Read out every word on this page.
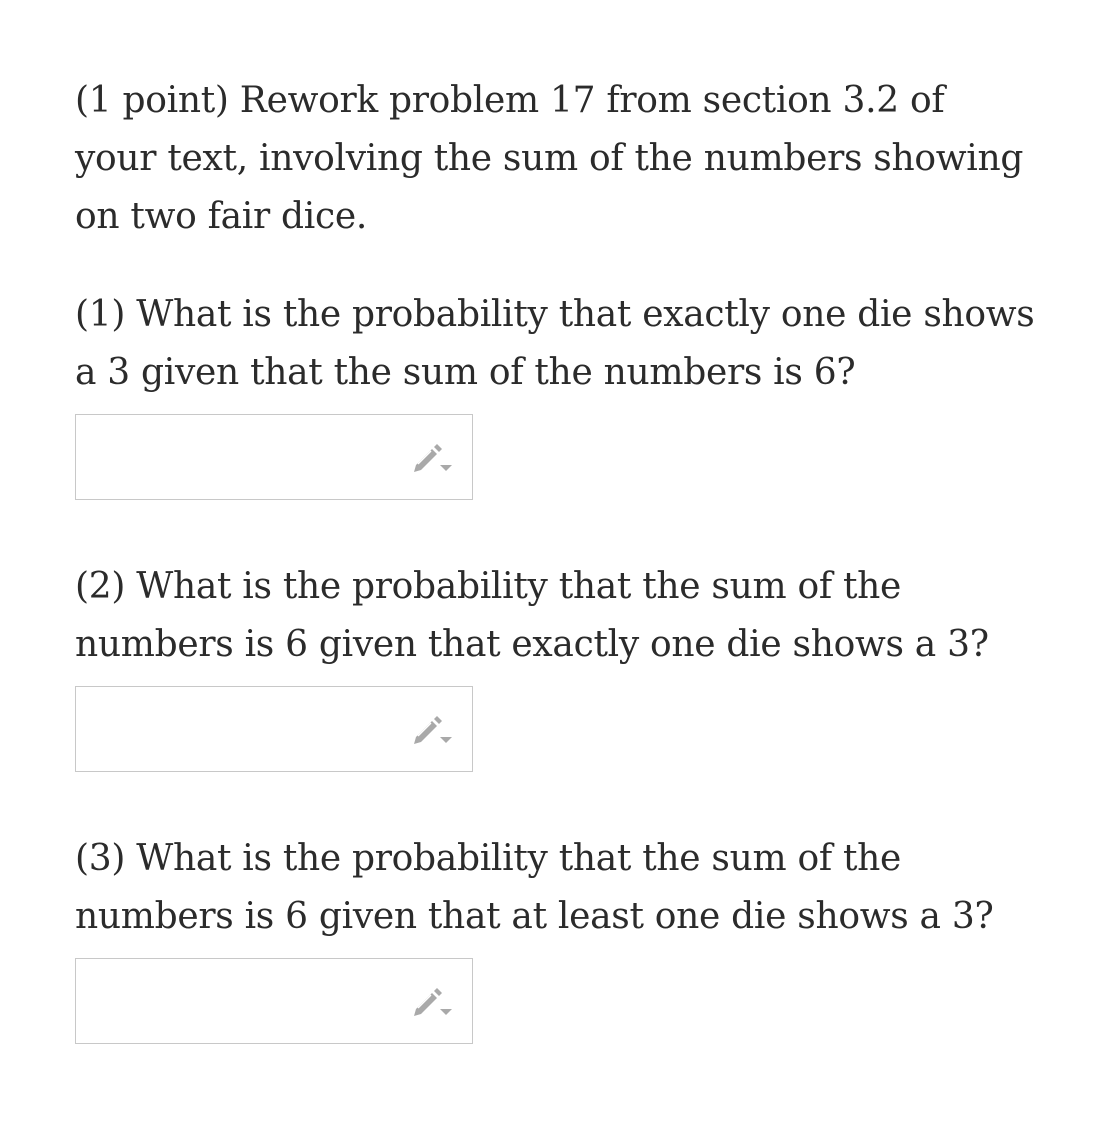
(1 point) Rework problem 17 from section 3.2 of your text, involving the sum of the numbers showing on two fair dice.

(1) What is the probability that exactly one die shows a 3 given that the sum of the numbers is 6?

(2) What is the probability that the sum of the numbers is 6 given that exactly one die shows a 3?

(3) What is the probability that the sum of the numbers is 6 given that at least one die shows a 3?
